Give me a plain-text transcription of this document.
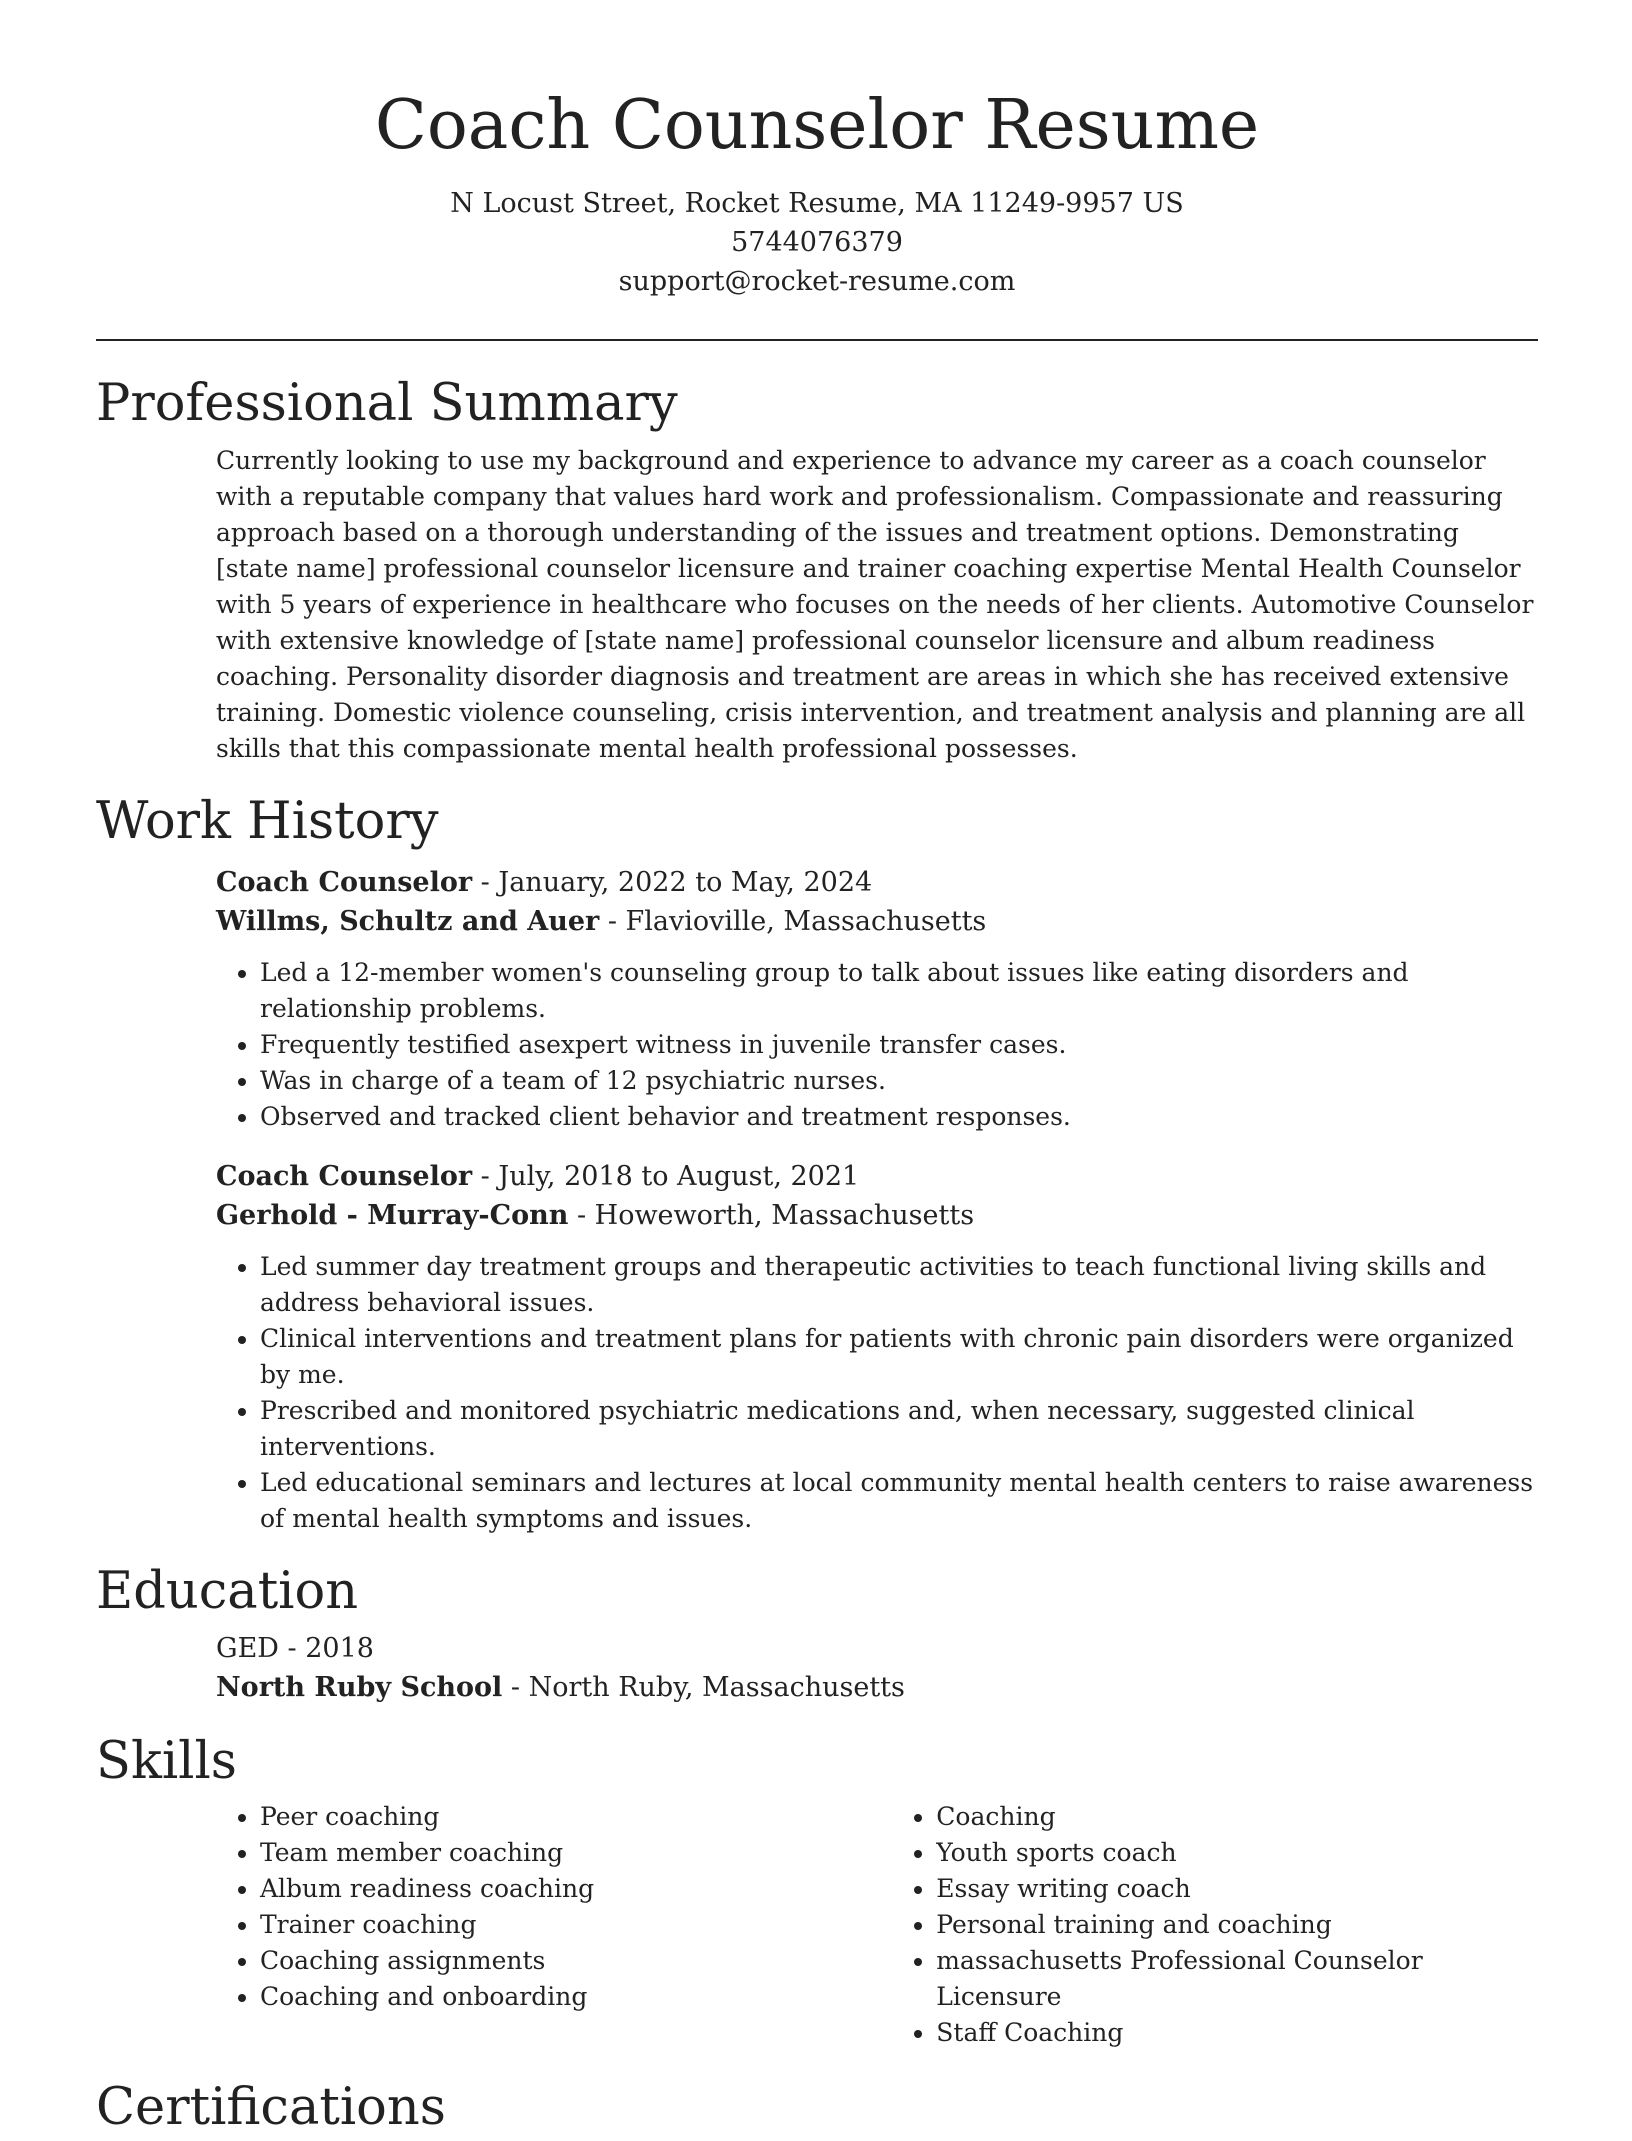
Coach Counselor Resume
N Locust Street, Rocket Resume, MA 11249-9957 US
5744076379
support@rocket-resume.com
Professional Summary

Currently looking to use my background and experience to advance my career as a coach counselor with a reputable company that values hard work and professionalism. Compassionate and reassuring approach based on a thorough understanding of the issues and treatment options. Demonstrating [state name] professional counselor licensure and trainer coaching expertise Mental Health Counselor with 5 years of experience in healthcare who focuses on the needs of her clients. Automotive Counselor with extensive knowledge of [state name] professional counselor licensure and album readiness coaching. Personality disorder diagnosis and treatment are areas in which she has received extensive training. Domestic violence counseling, crisis intervention, and treatment analysis and planning are all skills that this compassionate mental health professional possesses.

Work History
Coach Counselor - January, 2022 to May, 2024
Willms, Schultz and Auer - Flavioville, Massachusetts
• Led a 12-member women's counseling group to talk about issues like eating disorders and relationship problems.
• Frequently testified asexpert witness in juvenile transfer cases.
• Was in charge of a team of 12 psychiatric nurses.
• Observed and tracked client behavior and treatment responses.
Coach Counselor - July, 2018 to August, 2021
Gerhold - Murray-Conn - Howeworth, Massachusetts
• Led summer day treatment groups and therapeutic activities to teach functional living skills and address behavioral issues.
• Clinical interventions and treatment plans for patients with chronic pain disorders were organized by me.
• Prescribed and monitored psychiatric medications and, when necessary, suggested clinical interventions.
• Led educational seminars and lectures at local community mental health centers to raise awareness of mental health symptoms and issues.
Education
GED - 2018
North Ruby School - North Ruby, Massachusetts
Skills
• Peer coaching
• Team member coaching
• Album readiness coaching
• Trainer coaching
• Coaching assignments
• Coaching and onboarding
• Coaching
• Youth sports coach
• Essay writing coach
• Personal training and coaching
• massachusetts Professional Counselor Licensure
• Staff Coaching
Certifications
